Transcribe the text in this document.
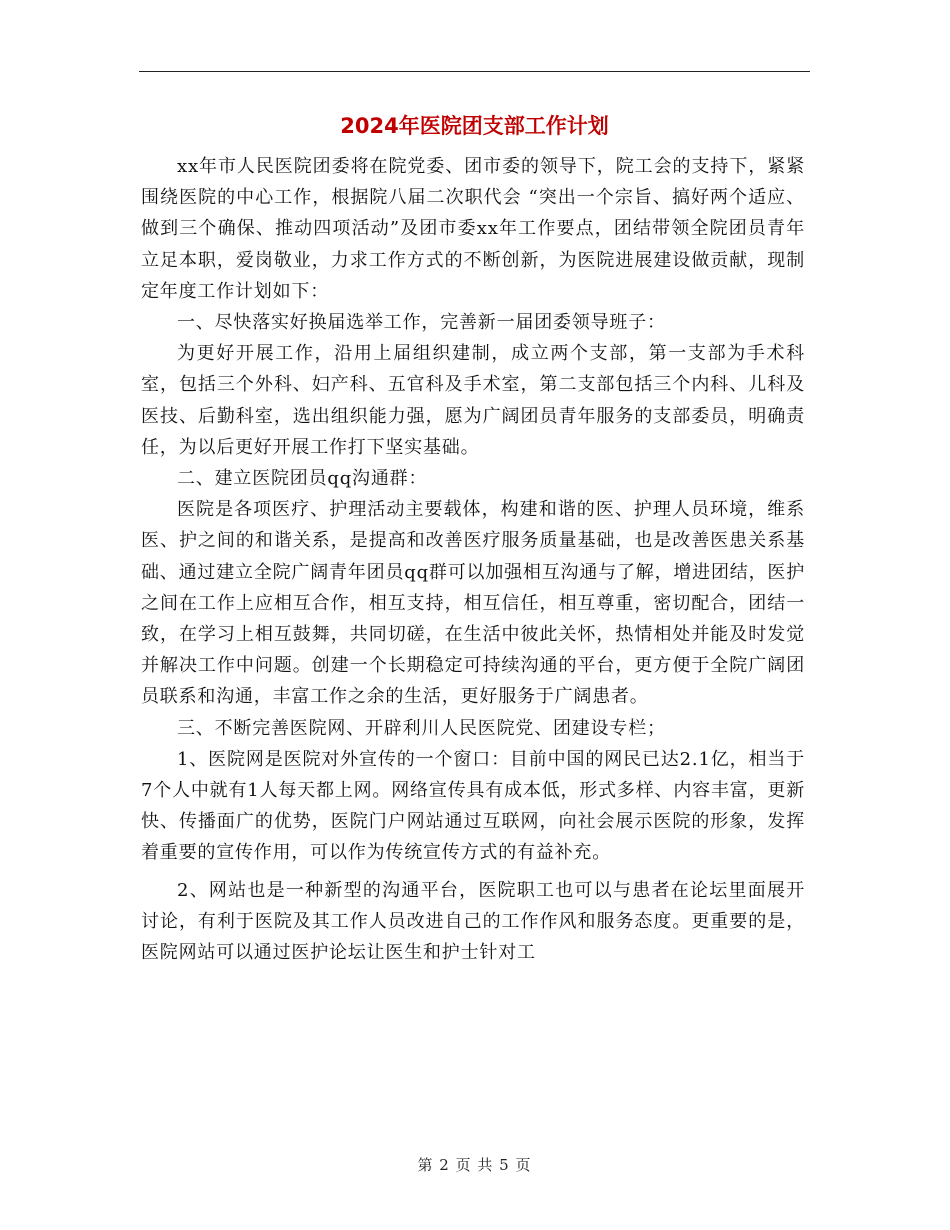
2024年医院团支部工作计划

xx年市人民医院团委将在院党委、团市委的领导下，院工会的支持下，紧紧围绕医院的中心工作，根据院八届二次职代会 “突出一个宗旨、搞好两个适应、做到三个确保、推动四项活动”及团市委xx年工作要点，团结带领全院团员青年立足本职，爱岗敬业，力求工作方式的不断创新，为医院进展建设做贡献，现制定年度工作计划如下：

一、尽快落实好换届选举工作，完善新一届团委领导班子：

为更好开展工作，沿用上届组织建制，成立两个支部，第一支部为手术科室，包括三个外科、妇产科、五官科及手术室，第二支部包括三个内科、儿科及医技、后勤科室，选出组织能力强，愿为广阔团员青年服务的支部委员，明确责任，为以后更好开展工作打下坚实基础。

二、建立医院团员qq沟通群：

医院是各项医疗、护理活动主要载体，构建和谐的医、护理人员环境，维系医、护之间的和谐关系，是提高和改善医疗服务质量基础，也是改善医患关系基础、通过建立全院广阔青年团员qq群可以加强相互沟通与了解，增进团结，医护之间在工作上应相互合作，相互支持，相互信任，相互尊重，密切配合，团结一致，在学习上相互鼓舞，共同切磋，在生活中彼此关怀，热情相处并能及时发觉并解决工作中问题。创建一个长期稳定可持续沟通的平台，更方便于全院广阔团员联系和沟通，丰富工作之余的生活，更好服务于广阔患者。

三、不断完善医院网、开辟利川人民医院党、团建设专栏；

1、医院网是医院对外宣传的一个窗口：目前中国的网民已达2.1亿，相当于7个人中就有1人每天都上网。网络宣传具有成本低，形式多样、内容丰富，更新快、传播面广的优势，医院门户网站通过互联网，向社会展示医院的形象，发挥着重要的宣传作用，可以作为传统宣传方式的有益补充。

2、网站也是一种新型的沟通平台，医院职工也可以与患者在论坛里面展开讨论，有利于医院及其工作人员改进自己的工作作风和服务态度。更重要的是，医院网站可以通过医护论坛让医生和护士针对工

第 2 页 共 5 页
